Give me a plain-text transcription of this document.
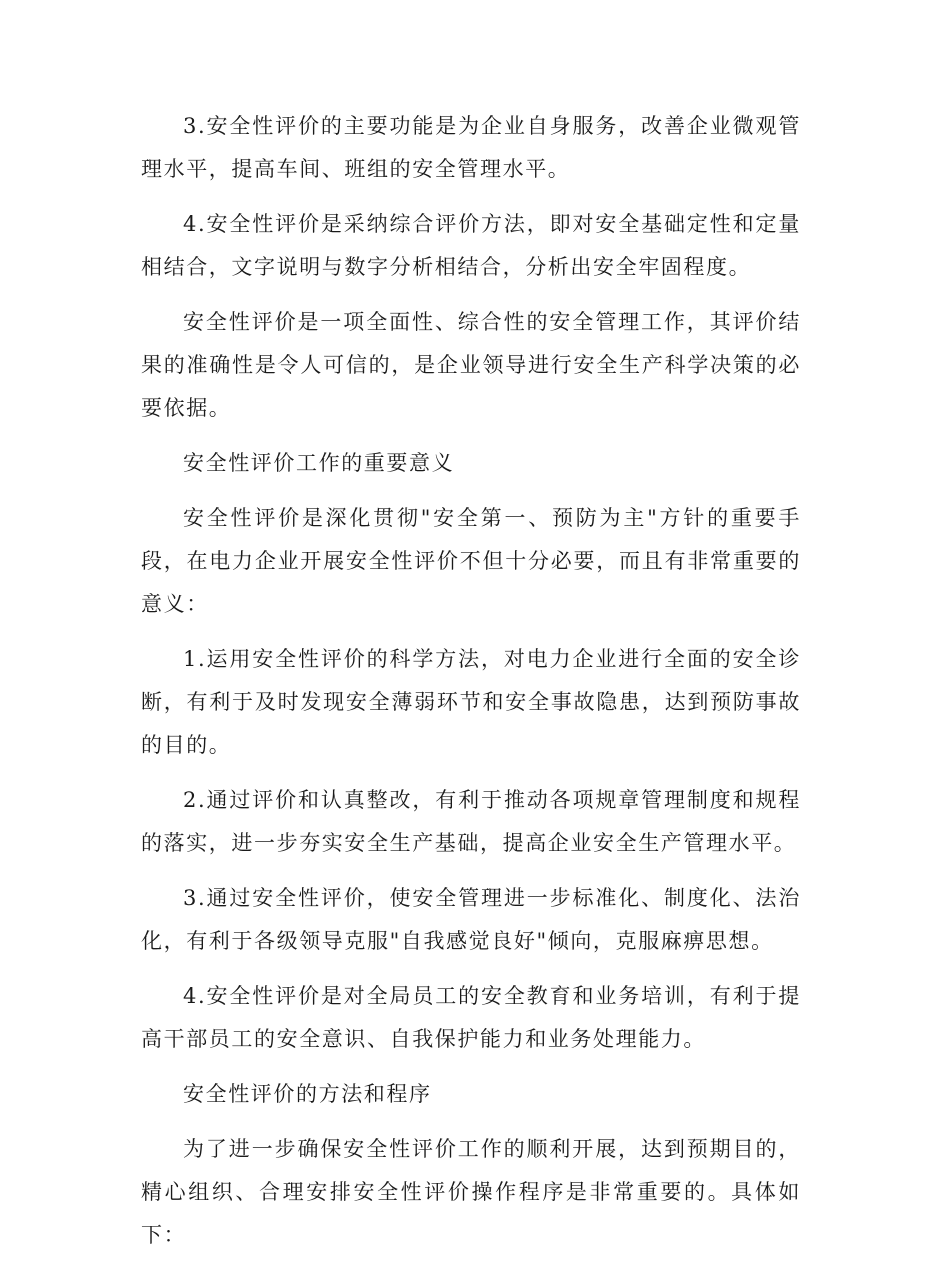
3.安全性评价的主要功能是为企业自身服务，改善企业微观管理水平，提高车间、班组的安全管理水平。

4.安全性评价是采纳综合评价方法，即对安全基础定性和定量相结合，文字说明与数字分析相结合，分析出安全牢固程度。

安全性评价是一项全面性、综合性的安全管理工作，其评价结果的准确性是令人可信的，是企业领导进行安全生产科学决策的必要依据。

安全性评价工作的重要意义

安全性评价是深化贯彻"安全第一、预防为主"方针的重要手段，在电力企业开展安全性评价不但十分必要，而且有非常重要的意义：

1.运用安全性评价的科学方法，对电力企业进行全面的安全诊断，有利于及时发现安全薄弱环节和安全事故隐患，达到预防事故的目的。

2.通过评价和认真整改，有利于推动各项规章管理制度和规程的落实，进一步夯实安全生产基础，提高企业安全生产管理水平。

3.通过安全性评价，使安全管理进一步标准化、制度化、法治化，有利于各级领导克服"自我感觉良好"倾向，克服麻痹思想。

4.安全性评价是对全局员工的安全教育和业务培训，有利于提高干部员工的安全意识、自我保护能力和业务处理能力。

安全性评价的方法和程序

为了进一步确保安全性评价工作的顺利开展，达到预期目的，精心组织、合理安排安全性评价操作程序是非常重要的。具体如下：
